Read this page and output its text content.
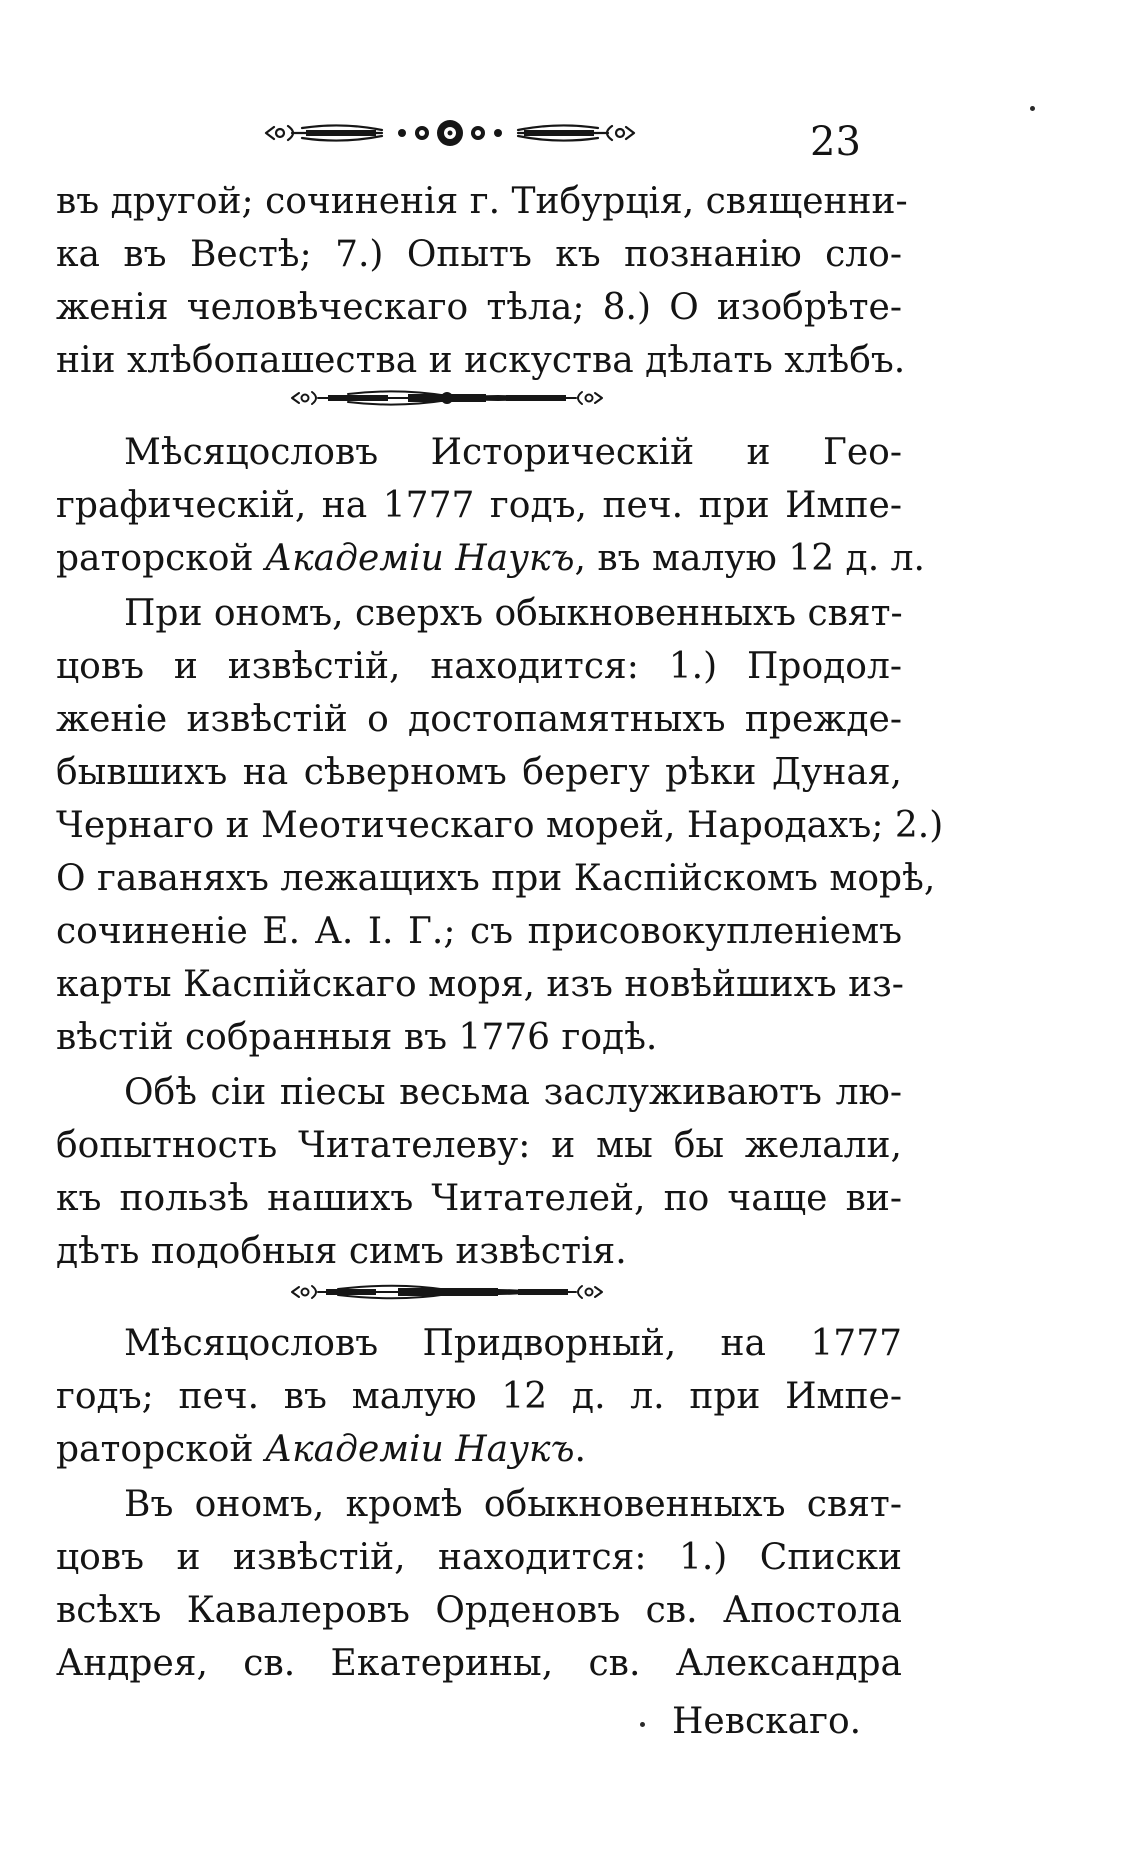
23
въ другой; сочиненія г. Тибурція, священни-
ка въ Вестѣ; 7.) Опытъ къ познанію сло-
женія человѣческаго тѣла; 8.) О изобрѣте-
ніи хлѣбопашества и искуства дѣлать хлѣбъ.
Мѣсяцословъ Историческій и Гео-
графическій, на 1777 годъ, печ. при Импе-
раторской Академіи Наукъ, въ малую 12 д. л.
При ономъ, сверхъ обыкновенныхъ свят-
цовъ и извѣстій, находится: 1.) Продол-
женіе извѣстій о достопамятныхъ прежде-
бывшихъ на сѣверномъ берегу рѣки Дуная,
Чернаго и Меотическаго морей, Народахъ; 2.)
О гаваняхъ лежащихъ при Каспійскомъ морѣ,
сочиненіе Е. А. І. Г.; съ присовокупленіемъ
карты Каспійскаго моря, изъ новѣйшихъ из-
вѣстій собранныя въ 1776 годѣ.
Обѣ сіи піесы весьма заслуживаютъ лю-
бопытность Читателеву: и мы бы желали,
къ пользѣ нашихъ Читателей, по чаще ви-
дѣть подобныя симъ извѣстія.
Мѣсяцословъ Придворный, на 1777
годъ; печ. въ малую 12 д. л. при Импе-
раторской Академіи Наукъ.
Въ ономъ, кромѣ обыкновенныхъ свят-
цовъ и извѣстій, находится: 1.) Списки
всѣхъ Кавалеровъ Орденовъ св. Апостола
Андрея, св. Екатерины, св. Александра
Невскаго.
